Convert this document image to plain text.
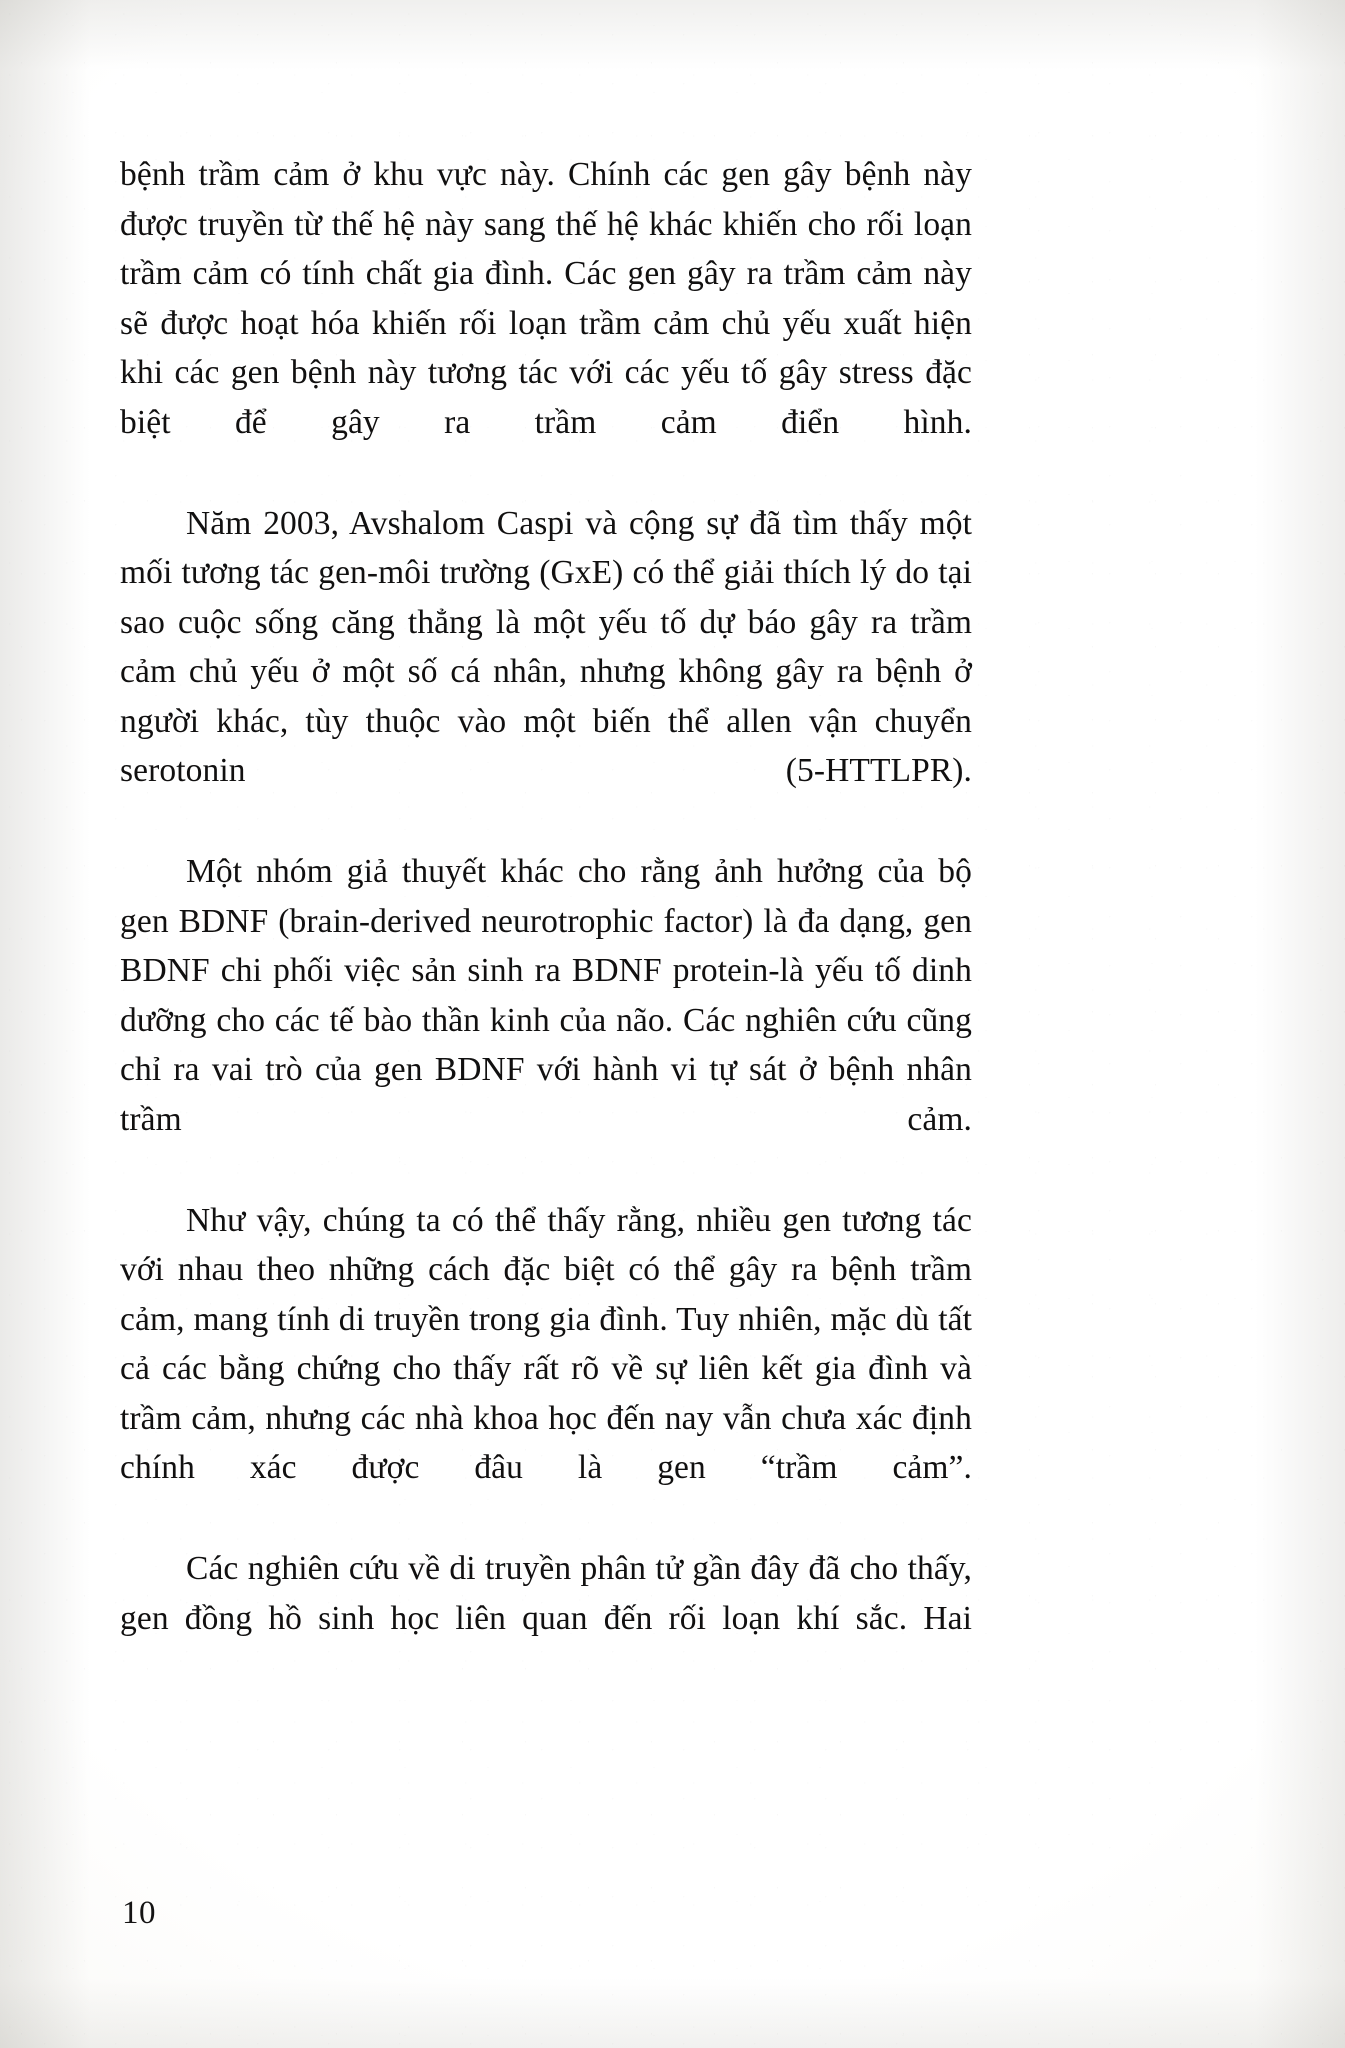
bệnh trầm cảm ở khu vực này. Chính các gen gây bệnh này được truyền từ thế hệ này sang thế hệ khác khiến cho rối loạn trầm cảm có tính chất gia đình. Các gen gây ra trầm cảm này sẽ được hoạt hóa khiến rối loạn trầm cảm chủ yếu xuất hiện khi các gen bệnh này tương tác với các yếu tố gây stress đặc biệt để gây ra trầm cảm điển hình.

Năm 2003, Avshalom Caspi và cộng sự đã tìm thấy một mối tương tác gen-môi trường (GxE) có thể giải thích lý do tại sao cuộc sống căng thẳng là một yếu tố dự báo gây ra trầm cảm chủ yếu ở một số cá nhân, nhưng không gây ra bệnh ở người khác, tùy thuộc vào một biến thể allen vận chuyển serotonin (5-HTTLPR).

Một nhóm giả thuyết khác cho rằng ảnh hưởng của bộ gen BDNF (brain-derived neurotrophic factor) là đa dạng, gen BDNF chi phối việc sản sinh ra BDNF protein-là yếu tố dinh dưỡng cho các tế bào thần kinh của não. Các nghiên cứu cũng chỉ ra vai trò của gen BDNF với hành vi tự sát ở bệnh nhân trầm cảm.

Như vậy, chúng ta có thể thấy rằng, nhiều gen tương tác với nhau theo những cách đặc biệt có thể gây ra bệnh trầm cảm, mang tính di truyền trong gia đình. Tuy nhiên, mặc dù tất cả các bằng chứng cho thấy rất rõ về sự liên kết gia đình và trầm cảm, nhưng các nhà khoa học đến nay vẫn chưa xác định chính xác được đâu là gen “trầm cảm”.

Các nghiên cứu về di truyền phân tử gần đây đã cho thấy, gen đồng hồ sinh học liên quan đến rối loạn khí sắc. Hai

10
